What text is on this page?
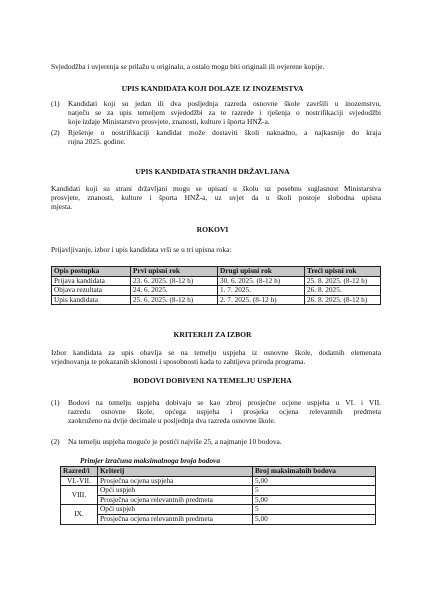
Svjedodžba i uvjerenja se prilažu u originalu, a ostalo mogu biti originali ili ovjerene kopije.
UPIS KANDIDATA KOJI DOLAZE IZ INOZEMSTVA
(1) Kandidati koji su jedan ili dva posljednja razreda osnovne škole završili u inozemstvu,
natječu se za upis temeljem svjedodžbi za te razrede i rješenja o nostrifikaciji svjedodžbi
koje izdaje Ministarstvo prosvjete, znanosti, kulture i športa HNŽ-a.
(2) Rješenje o nostrifikaciji kandidat može dostaviti školi naknadno, a najkasnije do kraja
rujna 2025. godine.
UPIS KANDIDATA STRANIH DRŽAVLJANA
Kandidati koji su strani državljani mogu se upisati u školu uz posebnu suglasnost Ministarstva
prosvjete, znanosti, kulture i športa HNŽ-a, uz uvjet da u školi postoje slobodna upisna
mjesta.
ROKOVI
Prijavljivanje, izbor i upis kandidata vrši se u tri upisna roka:
Opis postupka	Prvi upisni rok	Drugi upisni rok	Treći upisni rok
Prijava kandidata	23. 6. 2025. (8-12 h)	30. 6. 2025. (8-12 h)	25. 8. 2025. (8-12 h)
Objava rezultata	24. 6. 2025.	1. 7. 2025.	26. 8. 2025.
Upis kandidata	25. 6. 2025. (8-12 h)	2. 7. 2025. (8-12 h)	26. 8. 2025. (8-12 h)
KRITERIJI ZA IZBOR
Izbor kandidata za upis obavlja se na temelju uspjeha iz osnovne škole, dodatnih elemenata
vrjednovanja te pokazanih sklonosti i sposobnosti kada to zahtijeva priroda programa.
BODOVI DOBIVENI NA TEMELJU USPJEHA
(1) Bodovi na temelju uspjeha dobivaju se kao zbroj prosječne ocjene uspjeha u VI. i VII.
razredu osnovne škole, općega uspjeha i prosjeka ocjena relevantnih predmeta
zaokruženo na dvije decimale u posljednja dva razreda osnovne škole.
(2) Na temelju uspjeha moguće je postići najviše 25, a najmanje 10 bodova.
Primjer izračuna maksimalnoga broja bodova
Razred/i	Kriterij	Broj maksimalnih bodova
VI.-VII.	Prosječna ocjena uspjeha	5,00
VIII.	Opći uspjeh	5
	Prosječna ocjena relevantnih predmeta	5,00
IX.	Opći uspjeh	5
	Prosječna ocjena relevantnih predmeta	5,00
